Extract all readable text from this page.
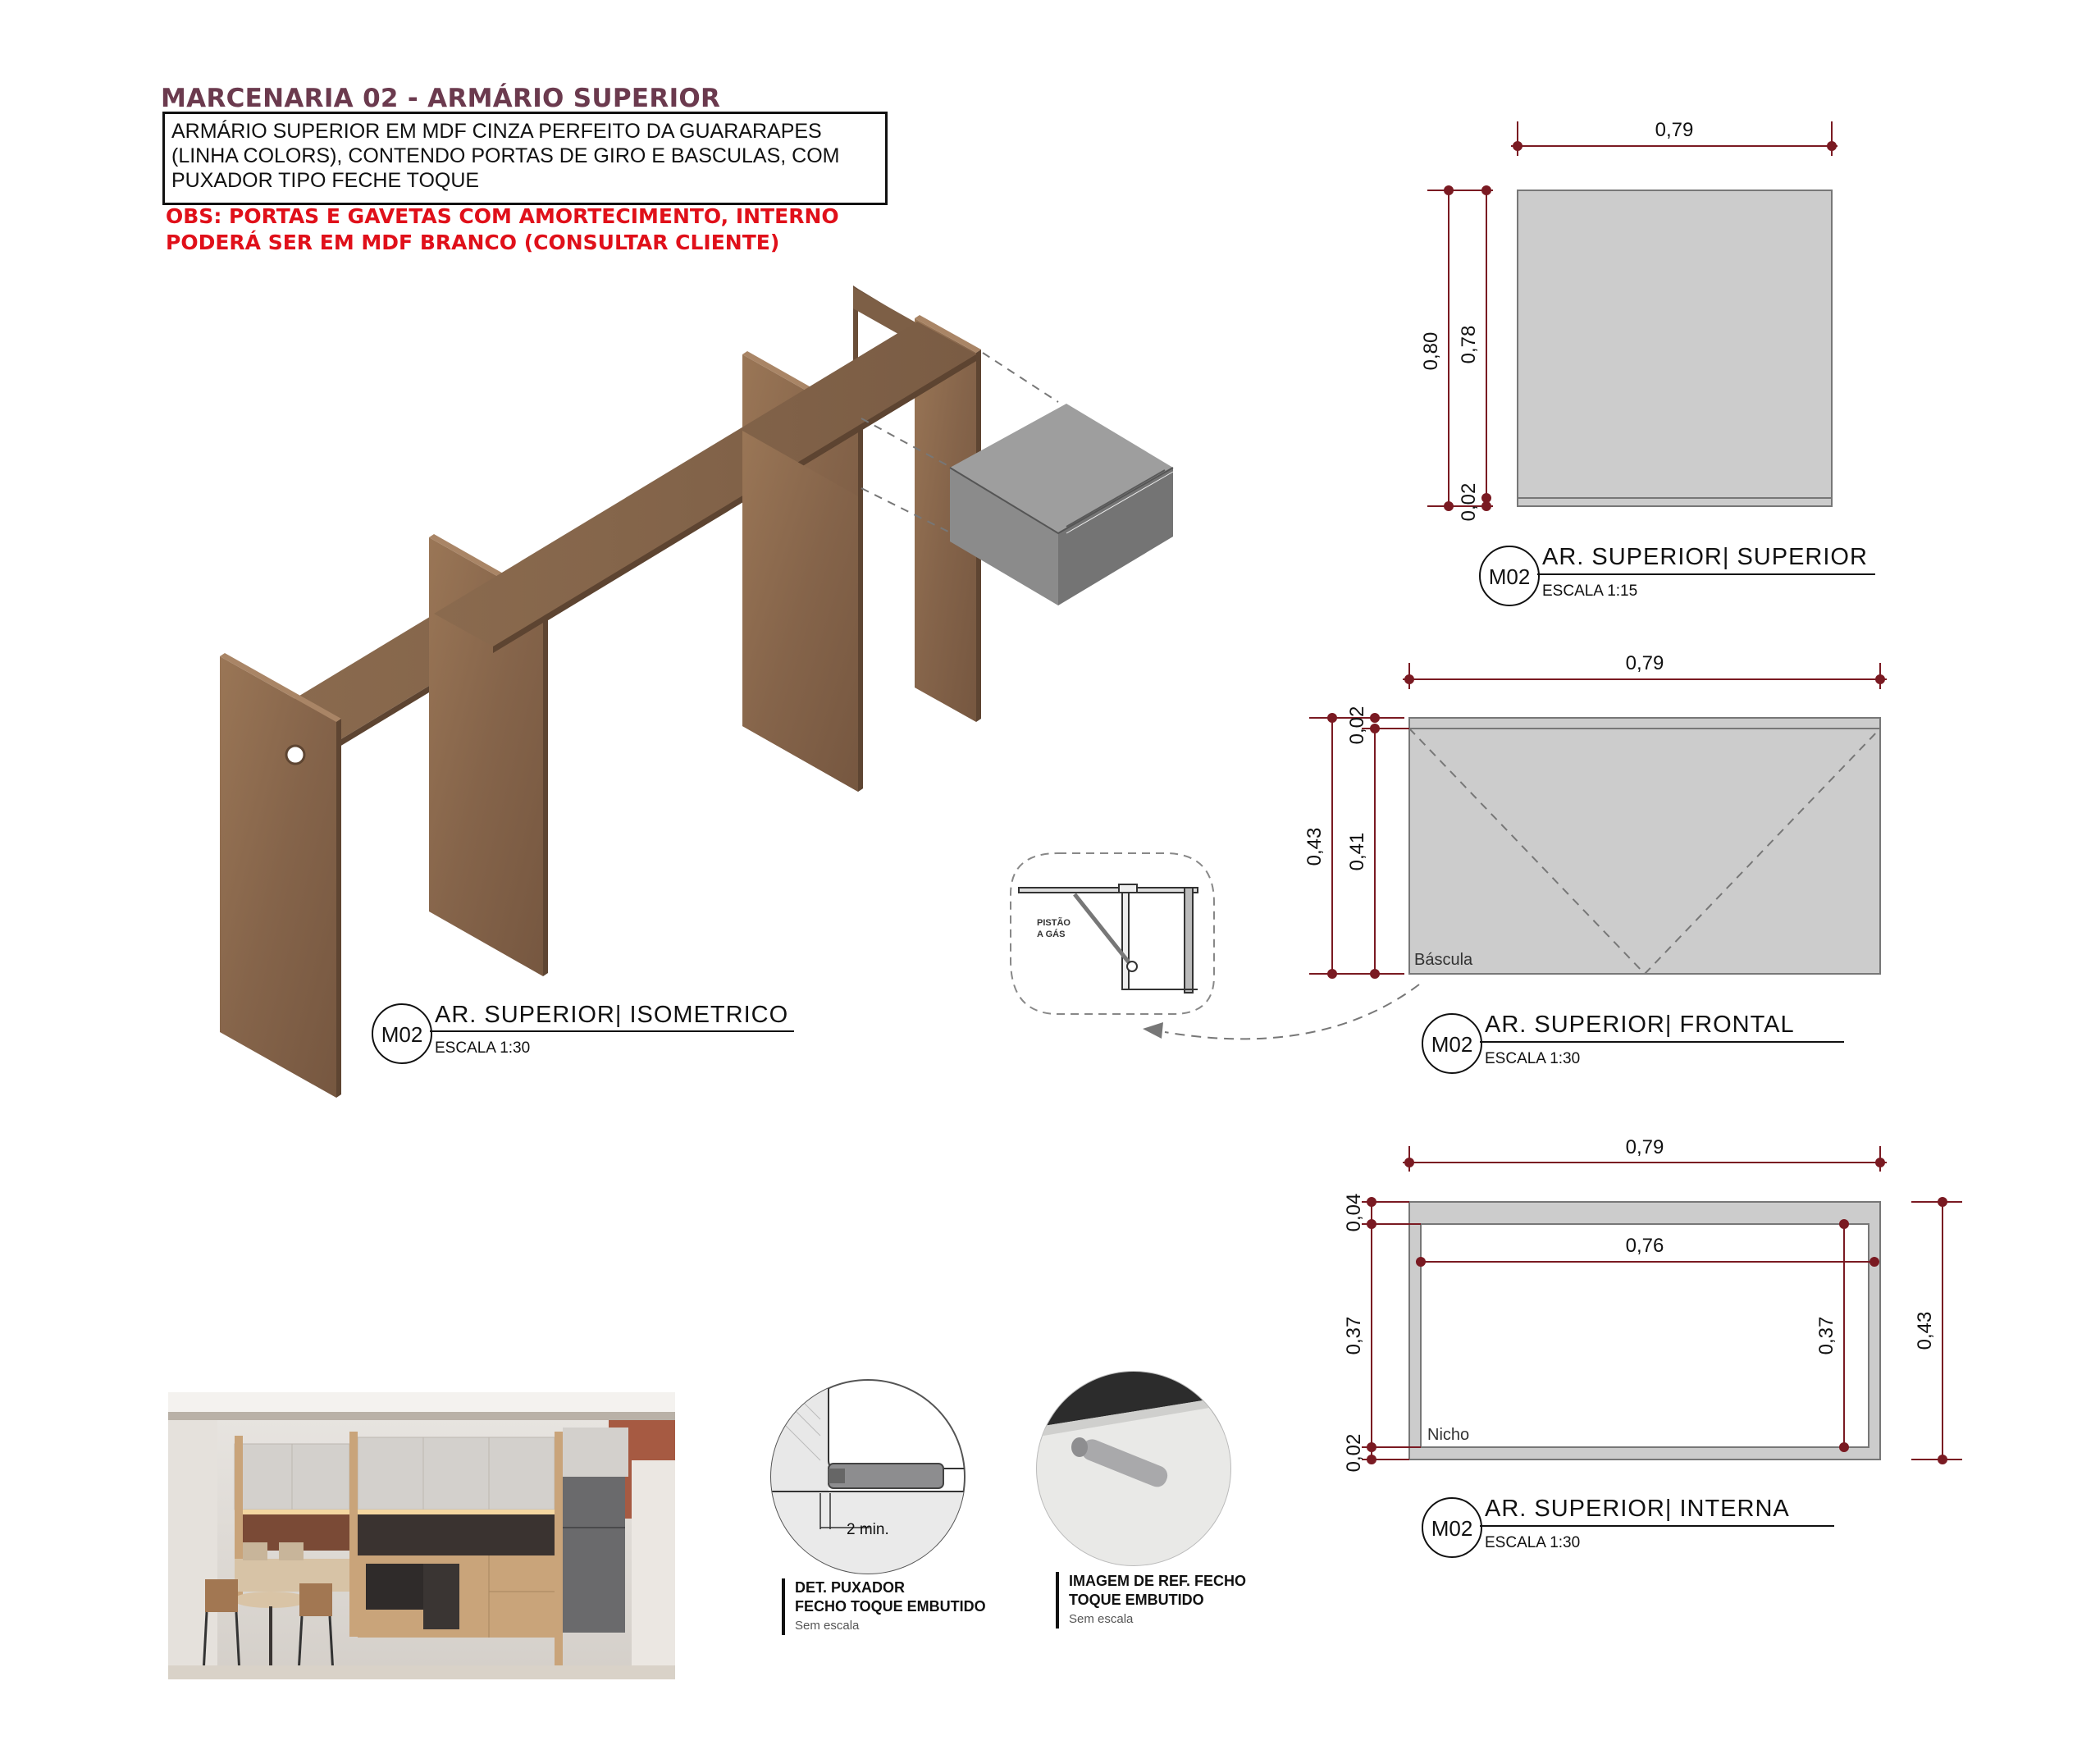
MARCENARIA 02 - ARMÁRIO SUPERIOR
ARMÁRIO SUPERIOR EM MDF CINZA PERFEITO DA GUARARAPES (LINHA COLORS), CONTENDO PORTAS DE GIRO E BASCULAS, COM PUXADOR TIPO FECHE TOQUE
OBS: PORTAS E GAVETAS COM AMORTECIMENTO, INTERNO PODERÁ SER EM MDF BRANCO (CONSULTAR CLIENTE)
M02
AR. SUPERIOR| ISOMETRICO
ESCALA 1:30
0,79
0,80 0,78
0,02
M02
AR. SUPERIOR| SUPERIOR
ESCALA 1:15
Báscula
0,79
0,43 0,41
0,02
M02
AR. SUPERIOR| FRONTAL
ESCALA 1:30
PISTÃO
A GÁS
Nicho
0,79
0,76
0,04
0,37
0,02
0,37	0,43
M02
AR. SUPERIOR| INTERNA
ESCALA 1:30
2 min.
DET. PUXADOR
FECHO TOQUE EMBUTIDO
Sem escala
IMAGEM DE REF. FECHO
TOQUE EMBUTIDO
Sem escala
